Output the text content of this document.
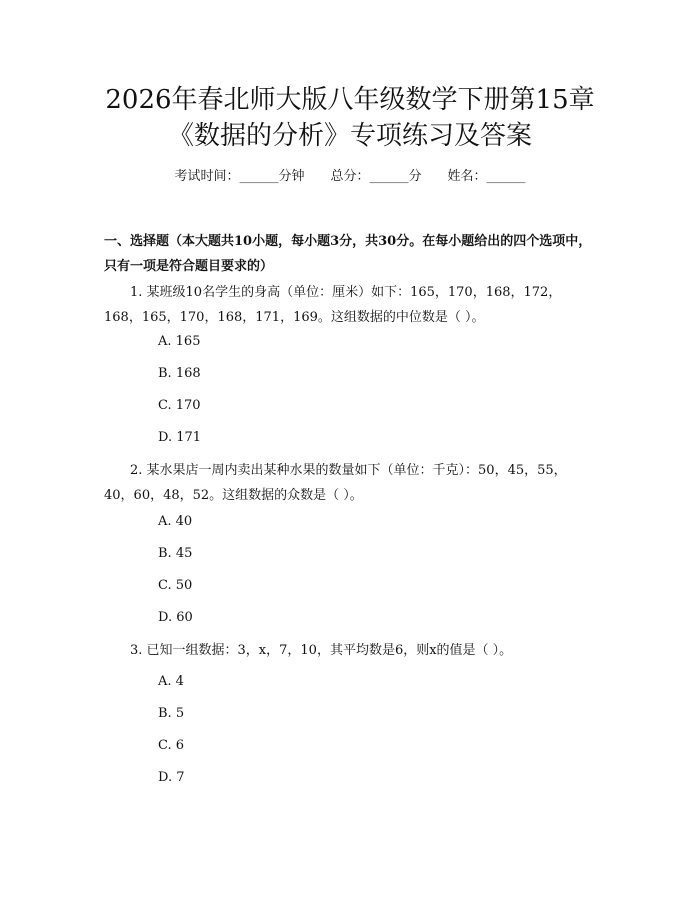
2026年春北师大版八年级数学下册第15章
《数据的分析》专项练习及答案
考试时间：______分钟 总分：______分 姓名：______
一、选择题（本大题共10小题，每小题3分，共30分。在每小题给出的四个选项中，只有一项是符合题目要求的）
1. 某班级10名学生的身高（单位：厘米）如下：165，170，168，172，168，165，170，168，171，169。这组数据的中位数是（ ）。
A. 165
B. 168
C. 170
D. 171
2. 某水果店一周内卖出某种水果的数量如下（单位：千克）：50，45，55，40，60，48，52。这组数据的众数是（ ）。
A. 40
B. 45
C. 50
D. 60
3. 已知一组数据：3，x，7，10，其平均数是6，则x的值是（ ）。
A. 4
B. 5
C. 6
D. 7
